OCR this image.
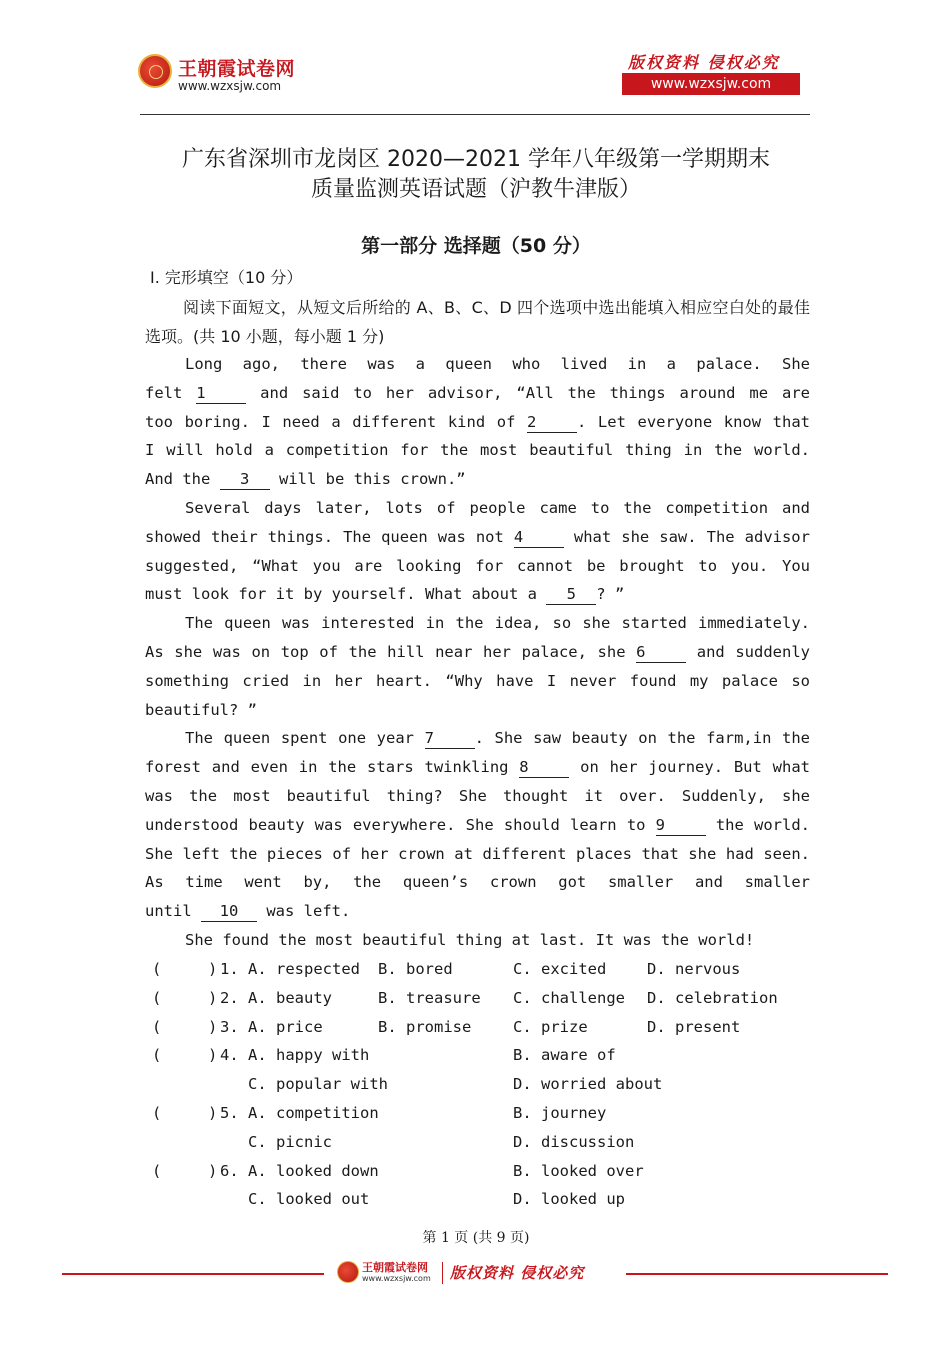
王朝霞试卷网
www.wzxsjw.com
版权资料 侵权必究
www.wzxsjw.com
广东省深圳市龙岗区 2020—2021 学年八年级第一学期期末
质量监测英语试题（沪教牛津版）
第一部分 选择题（50 分）
Ⅰ. 完形填空（10 分）
阅读下面短文，从短文后所给的 A、B、C、D 四个选项中选出能填入相应空白处的最佳选项。(共 10 小题，每小题 1 分)
Long ago, there was a queen who lived in a palace. She
felt 1	and said to her advisor, “All the things around me are
too boring. I need a different kind of 2	. Let everyone know that
I will hold a competition for the most beautiful thing in the world.
And the 3 will be this crown.”
Several days later, lots of people came to the competition and
showed their things. The queen was not 4	what she saw. The advisor
suggested, “What you are looking for cannot be brought to you. You
must look for it by yourself. What about a 5 ? ”
The queen was interested in the idea, so she started immediately.
As she was on top of the hill near her palace, she 6	and suddenly
something cried in her heart. “Why have I never found my palace so
beautiful? ”
The queen spent one year 7	. She saw beauty on the farm,in the
forest and even in the stars twinkling 8	on her journey. But what
was the most beautiful thing? She thought it over. Suddenly, she
understood beauty was everywhere. She should learn to 9	the world.
She left the pieces of her crown at different places that she had seen.
As time went by, the queen’s crown got smaller and smaller
until 10 was left.
She found the most beautiful thing at last. It was the world!
(     ) 1. A. respected B. bored	C. excited	D. nervous
(     ) 2. A. beauty	B. treasure C. challenge D. celebration
(     ) 3. A. price	B. promise	C. prize	D. present
(     ) 4. A. happy with	B. aware of
C. popular with	D. worried about
(     ) 5. A. competition	B. journey
C. picnic	D. discussion
(     ) 6. A. looked down	B. looked over
C. looked out	D. looked up
第 1 页 (共 9 页)
王朝霞试卷网
www.wzxsjw.com 版权资料 侵权必究
